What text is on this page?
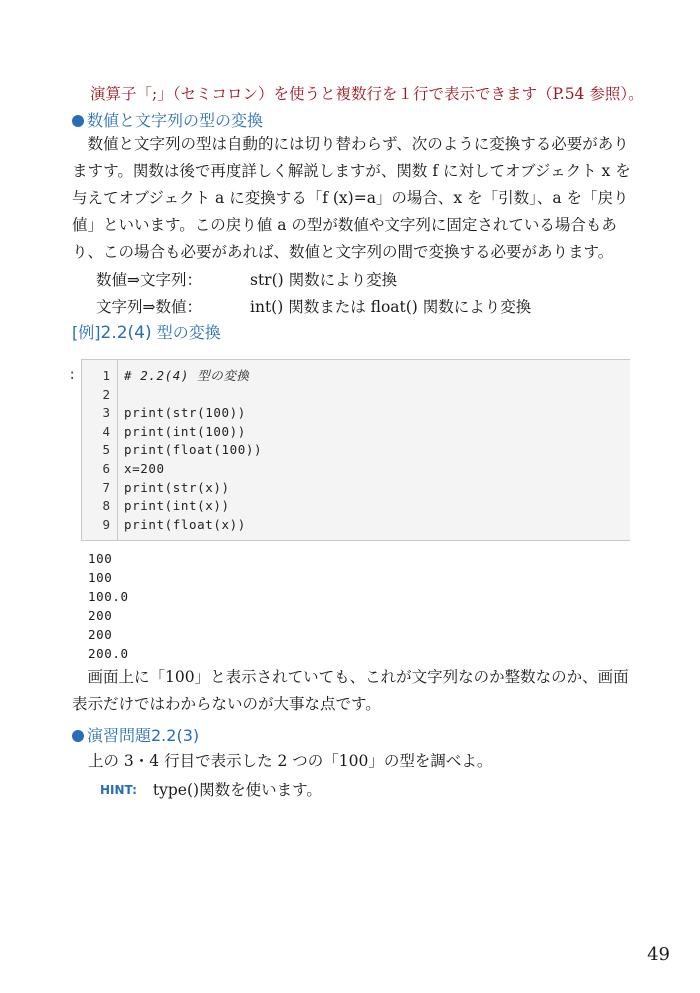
演算子「;」（セミコロン）を使うと複数行を１行で表示できます（P.54 参照）。
数値と文字列の型の変換

数値と文字列の型は自動的には切り替わらず、次のように変換する必要がありますす。関数は後で再度詳しく解説しますが、関数 f に対してオブジェクト x を与えてオブジェクト a に変換する「f (x)=a」の場合、x を「引数」、a を「戻り値」といいます。この戻り値 a の型が数値や文字列に固定されている場合もあり、この場合も必要があれば、数値と文字列の間で変換する必要があります。

数値⇒文字列：	str() 関数により変換
文字列⇒数値：	int() 関数または float() 関数により変換
[例]2.2(4) 型の変換
:	1 # 2.2(4) 型の変換
2
3 print(str(100))
4 print(int(100))
5 print(float(100))
6 x=200
7 print(str(x))
8 print(int(x))
9 print(float(x))
100
100
100.0
200
200
200.0

画面上に「100」と表示されていても、これが文字列なのか整数なのか、画面表示だけではわからないのが大事な点です。

演習問題2.2(3)
上の 3・4 行目で表示した 2 つの「100」の型を調べよ。
HINT: type()関数を使います。
49
